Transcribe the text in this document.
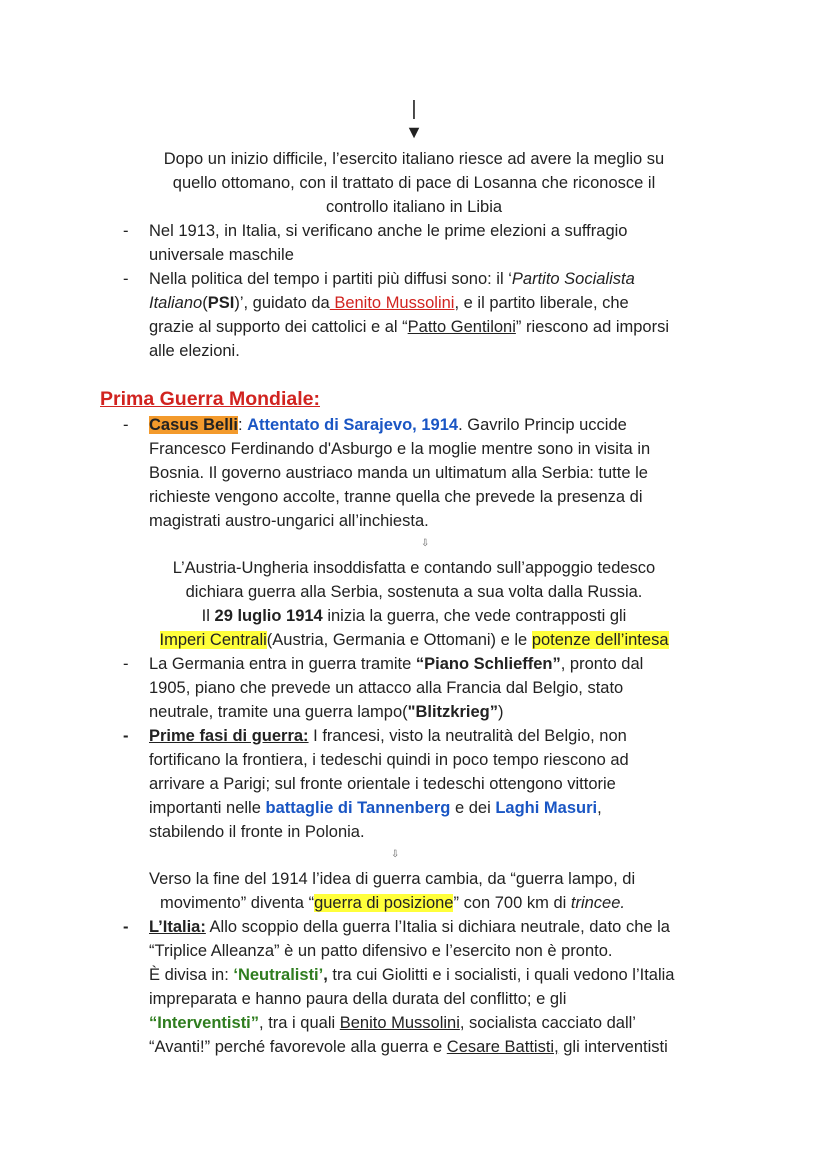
|
▼
Dopo un inizio difficile, l’esercito italiano riesce ad avere la meglio su
quello ottomano, con il trattato di pace di Losanna che riconosce il
controllo italiano in Libia
-	Nel 1913, in Italia, si verificano anche le prime elezioni a suffragio
universale maschile
-	Nella politica del tempo i partiti più diffusi sono: il ‘Partito Socialista
Italiano(PSI)’, guidato da Benito Mussolini, e il partito liberale, che
grazie al supporto dei cattolici e al “Patto Gentiloni” riescono ad imporsi
alle elezioni.
Prima Guerra Mondiale:
-	Casus Belli: Attentato di Sarajevo, 1914. Gavrilo Princip uccide
Francesco Ferdinando d'Asburgo e la moglie mentre sono in visita in
Bosnia. Il governo austriaco manda un ultimatum alla Serbia: tutte le
richieste vengono accolte, tranne quella che prevede la presenza di
magistrati austro-ungarici all’inchiesta.
⇩
L’Austria-Ungheria insoddisfatta e contando sull’appoggio tedesco
dichiara guerra alla Serbia, sostenuta a sua volta dalla Russia.
Il 29 luglio 1914 inizia la guerra, che vede contrapposti gli
Imperi Centrali(Austria, Germania e Ottomani) e le potenze dell’intesa
-	La Germania entra in guerra tramite “Piano Schlieffen”, pronto dal
1905, piano che prevede un attacco alla Francia dal Belgio, stato
neutrale, tramite una guerra lampo("Blitzkrieg”)
-	Prime fasi di guerra: I francesi, visto la neutralità del Belgio, non
fortificano la frontiera, i tedeschi quindi in poco tempo riescono ad
arrivare a Parigi; sul fronte orientale i tedeschi ottengono vittorie
importanti nelle battaglie di Tannenberg e dei Laghi Masuri,
stabilendo il fronte in Polonia.
⇩
Verso la fine del 1914 l’idea di guerra cambia, da “guerra lampo, di
movimento” diventa “guerra di posizione” con 700 km di trincee.
-	L’Italia: Allo scoppio della guerra l’Italia si dichiara neutrale, dato che la
“Triplice Alleanza” è un patto difensivo e l’esercito non è pronto.
È divisa in: ‘Neutralisti’, tra cui Giolitti e i socialisti, i quali vedono l’Italia
impreparata e hanno paura della durata del conflitto; e gli
“Interventisti”, tra i quali Benito Mussolini, socialista cacciato dall’
“Avanti!” perché favorevole alla guerra e Cesare Battisti, gli interventisti
